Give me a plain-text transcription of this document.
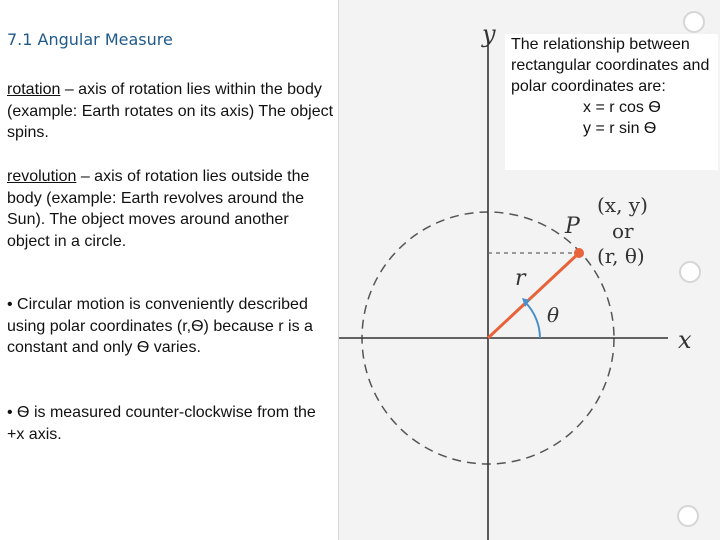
7.1 Angular Measure

rotation – axis of rotation lies within the body (example: Earth rotates on its axis) The object spins.

revolution – axis of rotation lies outside the body (example: Earth revolves around the Sun). The object moves around another object in a circle.

• Circular motion is conveniently described using polar coordinates (r,Ѳ) because r is a constant and only Ѳ varies.

• Ѳ is measured counter-clockwise from the +x axis.

y
x
P
(x, y)
or
(r, θ)
r
θ

The relationship between rectangular coordinates and polar coordinates are:

x = r cos Ѳ

y = r sin Ѳ
